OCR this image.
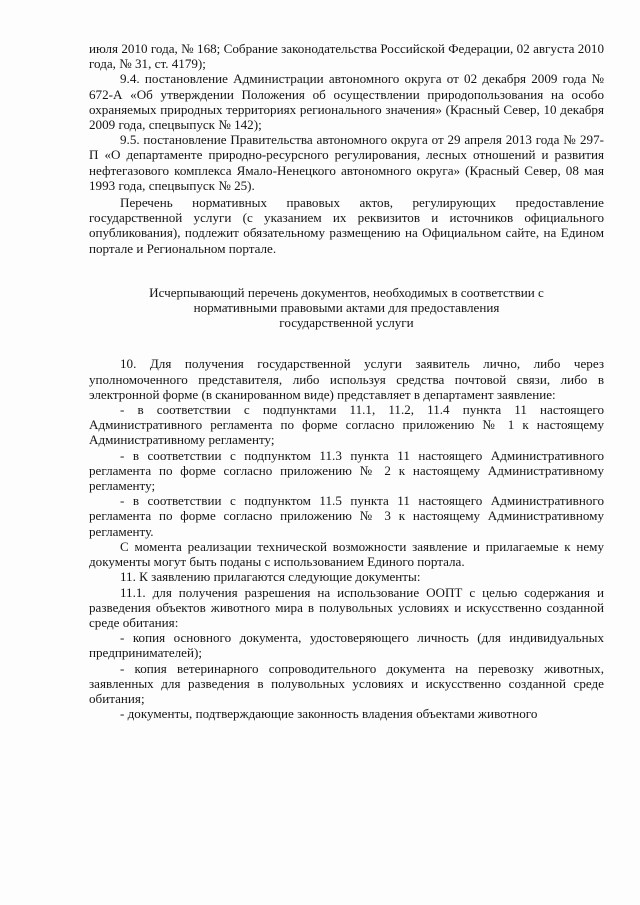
июля 2010 года, № 168; Собрание законодательства Российской Федерации, 02 августа 2010 года, № 31, ст. 4179);

9.4. постановление Администрации автономного округа от 02 декабря 2009 года № 672-А «Об утверждении Положения об осуществлении природопользования на особо охраняемых природных территориях регионального значения» (Красный Север, 10 декабря 2009 года, спецвыпуск № 142);

9.5. постановление Правительства автономного округа от 29 апреля 2013 года № 297-П «О департаменте природно-ресурсного регулирования, лесных отношений и развития нефтегазового комплекса Ямало-Ненецкого автономного округа» (Красный Север, 08 мая 1993 года, спецвыпуск № 25).

Перечень нормативных правовых актов, регулирующих предоставление государственной услуги (с указанием их реквизитов и источников официального опубликования), подлежит обязательному размещению на Официальном сайте, на Едином портале и Региональном портале.

Исчерпывающий перечень документов, необходимых в соответствии с
нормативными правовыми актами для предоставления
государственной услуги

10. Для получения государственной услуги заявитель лично, либо через уполномоченного представителя, либо используя средства почтовой связи, либо в электронной форме (в сканированном виде) представляет в департамент заявление:

- в соответствии с подпунктами 11.1, 11.2, 11.4 пункта 11 настоящего Административного регламента по форме согласно приложению № 1 к настоящему Административному регламенту;

- в соответствии с подпунктом 11.3 пункта 11 настоящего Административного регламента по форме согласно приложению № 2 к настоящему Административному регламенту;

- в соответствии с подпунктом 11.5 пункта 11 настоящего Административного регламента по форме согласно приложению № 3 к настоящему Административному регламенту.

С момента реализации технической возможности заявление и прилагаемые к нему документы могут быть поданы с использованием Единого портала.

11. К заявлению прилагаются следующие документы:

11.1. для получения разрешения на использование ООПТ с целью содержания и разведения объектов животного мира в полувольных условиях и искусственно созданной среде обитания:

- копия основного документа, удостоверяющего личность (для индивидуальных предпринимателей);

- копия ветеринарного сопроводительного документа на перевозку животных, заявленных для разведения в полувольных условиях и искусственно созданной среде обитания;

- документы, подтверждающие законность владения объектами животного
